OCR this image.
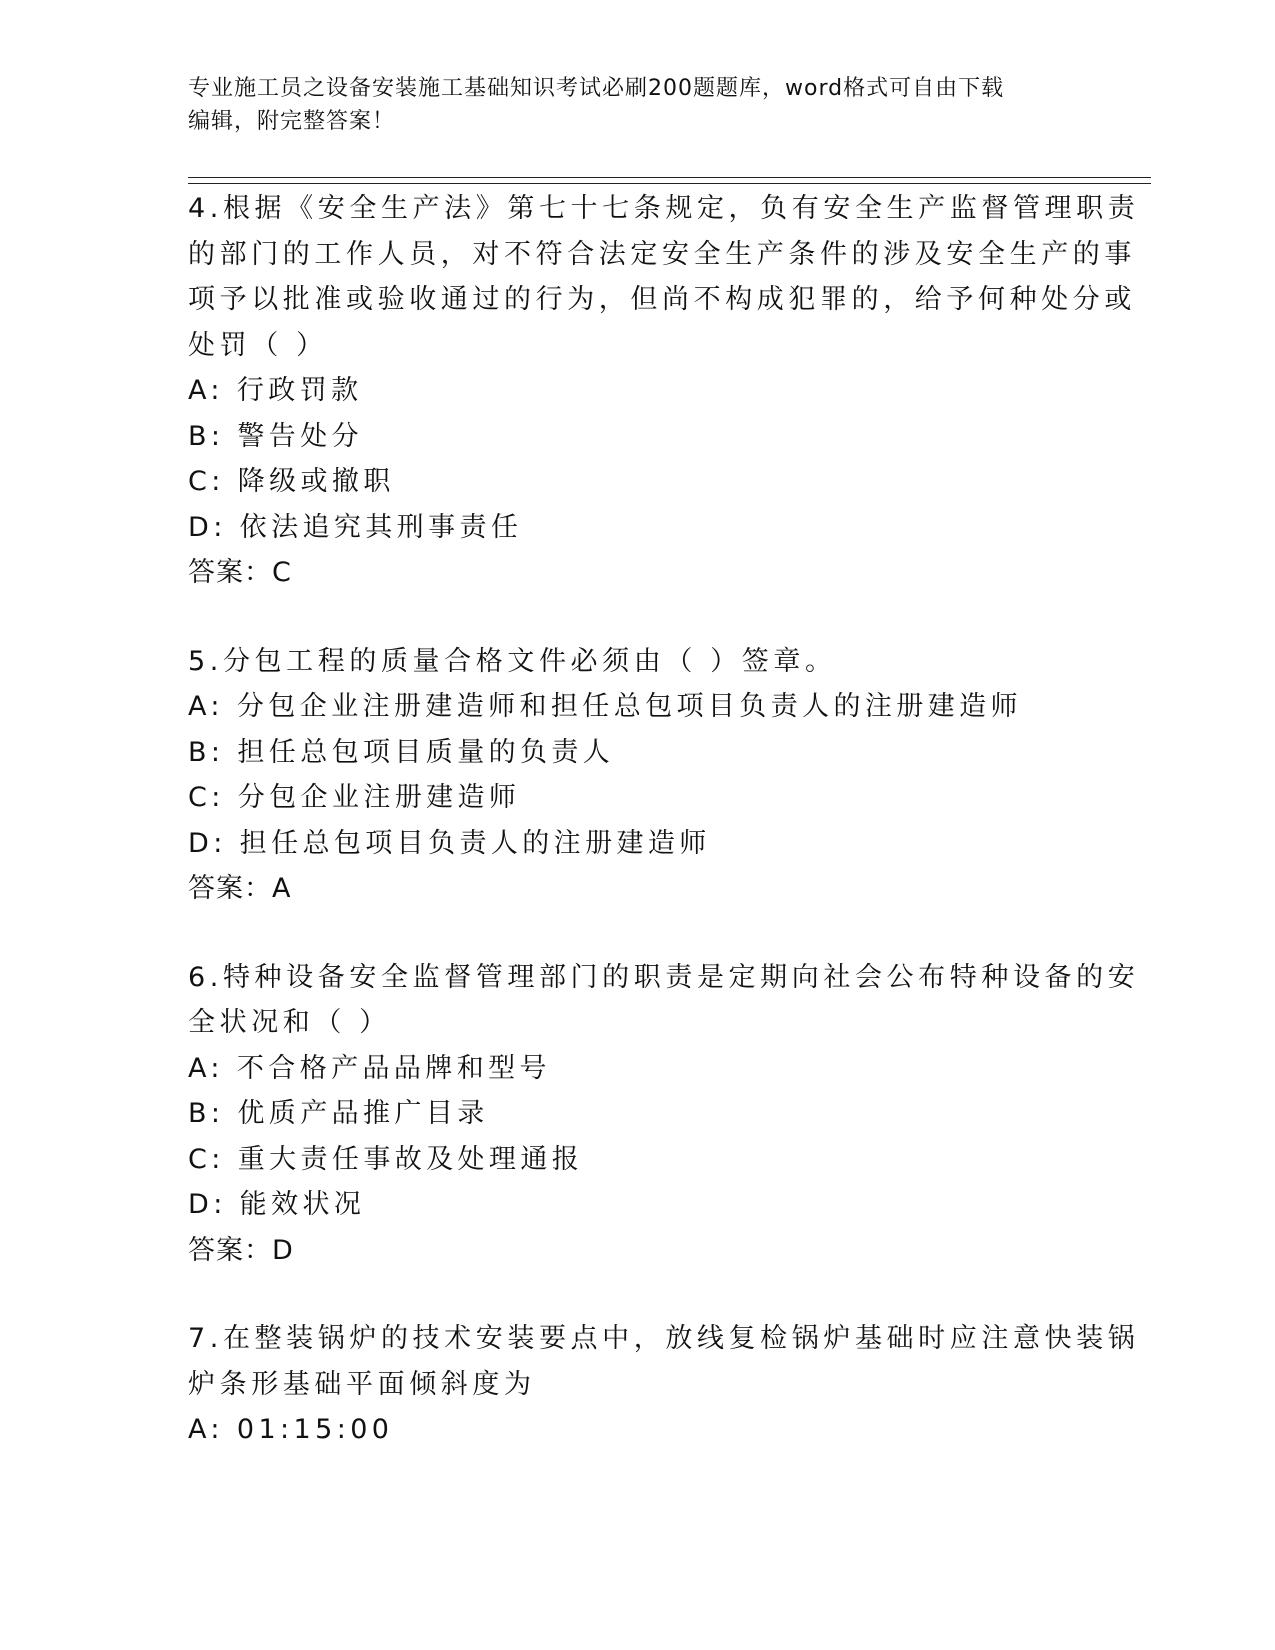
专业施工员之设备安装施工基础知识考试必刷200题题库，word格式可自由下载
编辑，附完整答案！
4.根据《安全生产法》第七十七条规定，负有安全生产监督管理职责
的部门的工作人员，对不符合法定安全生产条件的涉及安全生产的事
项予以批准或验收通过的行为，但尚不构成犯罪的，给予何种处分或
处罚（ ）
A: 行政罚款
B: 警告处分
C: 降级或撤职
D: 依法追究其刑事责任
答案：C
5.分包工程的质量合格文件必须由（ ）签章。
A: 分包企业注册建造师和担任总包项目负责人的注册建造师
B: 担任总包项目质量的负责人
C: 分包企业注册建造师
D: 担任总包项目负责人的注册建造师
答案：A
6.特种设备安全监督管理部门的职责是定期向社会公布特种设备的安
全状况和（ ）
A: 不合格产品品牌和型号
B: 优质产品推广目录
C: 重大责任事故及处理通报
D: 能效状况
答案：D
7.在整装锅炉的技术安装要点中，放线复检锅炉基础时应注意快装锅
炉条形基础平面倾斜度为
A: 01:15:00
